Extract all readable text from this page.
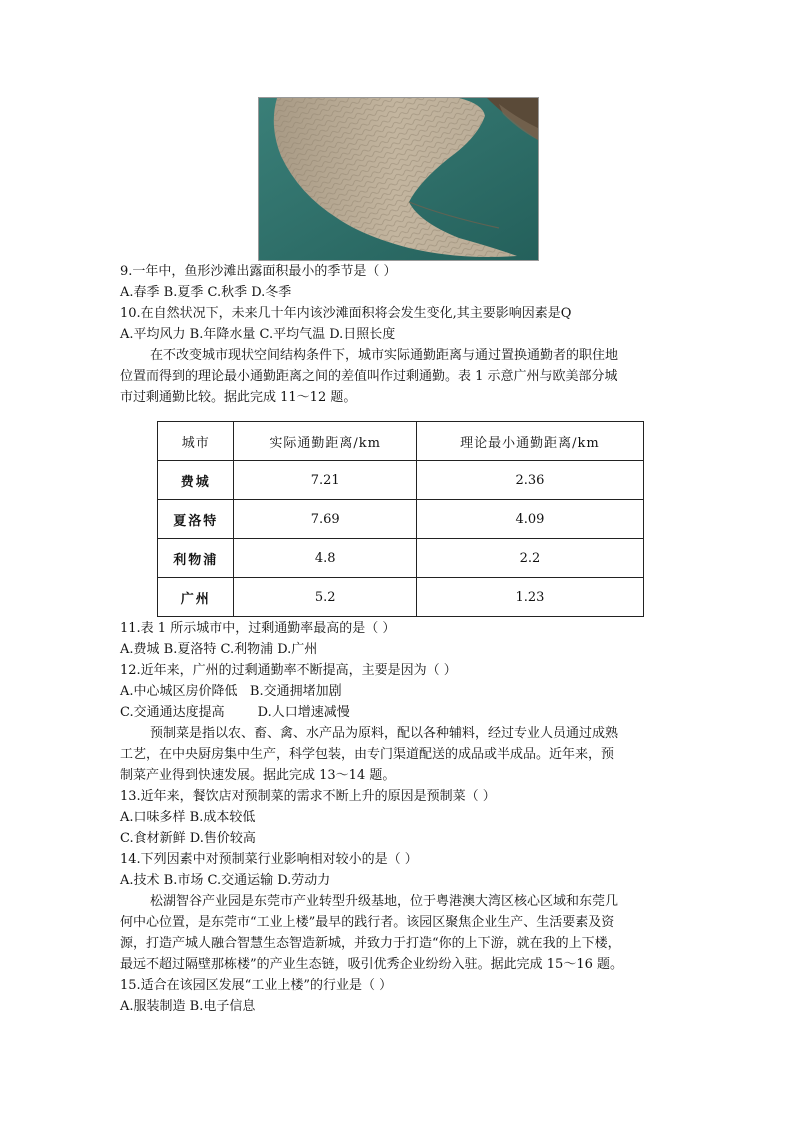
9.一年中，鱼形沙滩出露面积最小的季节是（ ）
A.春季 B.夏季 C.秋季 D.冬季
10.在自然状况下，未来几十年内该沙滩面积将会发生变化,其主要影响因素是Q
A.平均风力 B.年降水量 C.平均气温 D.日照长度
在不改变城市现状空间结构条件下，城市实际通勤距离与通过置换通勤者的职住地
位置而得到的理论最小通勤距离之间的差值叫作过剩通勤。表 1 示意广州与欧美部分城
市过剩通勤比较。据此完成 11～12 题。
城市	实际通勤距离/km	理论最小通勤距离/km
费城	7.21	2.36
夏洛特	7.69	4.09
利物浦	4.8	2.2
广州	5.2	1.23
11.表 1 所示城市中，过剩通勤率最高的是（ ）
A.费城 B.夏洛特 C.利物浦 D.广州
12.近年来，广州的过剩通勤率不断提高，主要是因为（ ）
A.中心城区房价降低   B.交通拥堵加剧
C.交通通达度提高        D.人口增速减慢
预制菜是指以农、畜、禽、水产品为原料，配以各种辅料，经过专业人员通过成熟
工艺，在中央厨房集中生产，科学包装，由专门渠道配送的成品或半成品。近年来，预
制菜产业得到快速发展。据此完成 13～14 题。
13.近年来，餐饮店对预制菜的需求不断上升的原因是预制菜（ ）
A.口味多样 B.成本较低
C.食材新鲜 D.售价较高
14.下列因素中对预制菜行业影响相对较小的是（ ）
A.技术 B.市场 C.交通运输 D.劳动力
松湖智谷产业园是东莞市产业转型升级基地，位于粤港澳大湾区核心区域和东莞几
何中心位置，是东莞市“工业上楼”最早的践行者。该园区聚焦企业生产、生活要素及资
源，打造产城人融合智慧生态智造新城，并致力于打造“你的上下游，就在我的上下楼，
最远不超过隔壁那栋楼”的产业生态链，吸引优秀企业纷纷入驻。据此完成 15～16 题。
15.适合在该园区发展“工业上楼”的行业是（ ）
A.服装制造 B.电子信息
